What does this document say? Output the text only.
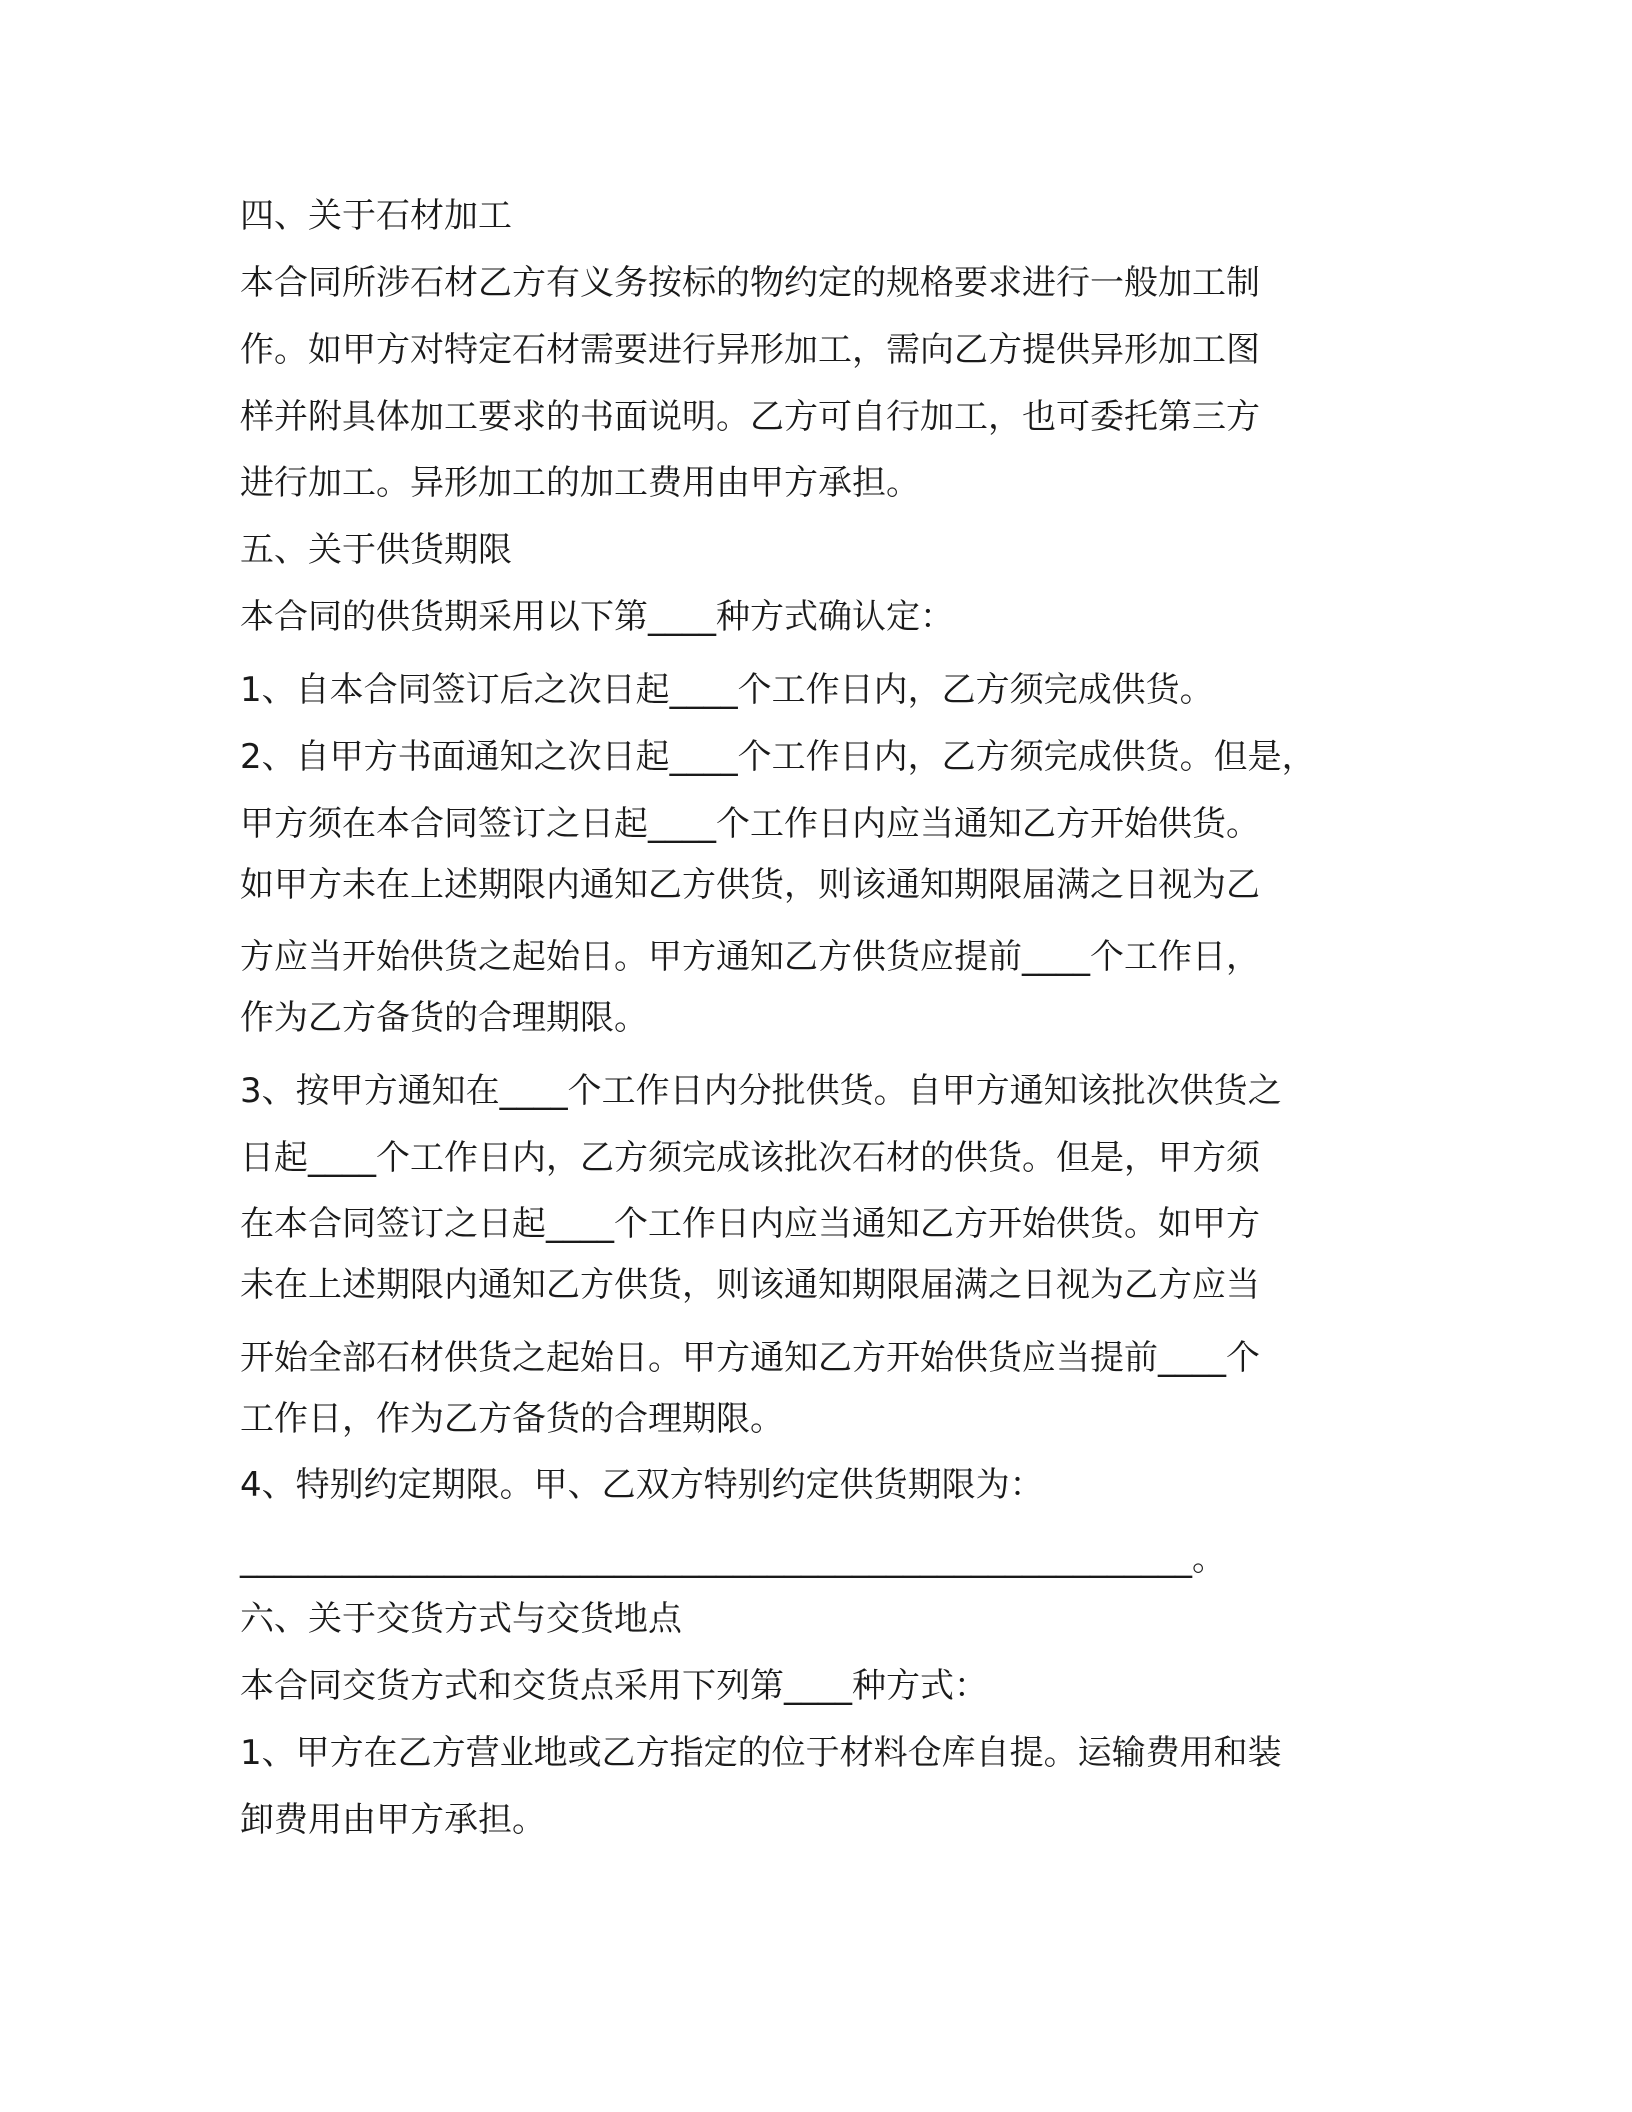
四、关于石材加工

本合同所涉石材乙方有义务按标的物约定的规格要求进行一般加工制

作。如甲方对特定石材需要进行异形加工，需向乙方提供异形加工图

样并附具体加工要求的书面说明。乙方可自行加工，也可委托第三方

进行加工。异形加工的加工费用由甲方承担。

五、关于供货期限

本合同的供货期采用以下第____种方式确认定：

1、自本合同签订后之次日起____个工作日内，乙方须完成供货。

2、自甲方书面通知之次日起____个工作日内，乙方须完成供货。但是，

甲方须在本合同签订之日起____个工作日内应当通知乙方开始供货。

如甲方未在上述期限内通知乙方供货，则该通知期限届满之日视为乙

方应当开始供货之起始日。甲方通知乙方供货应提前____个工作日，

作为乙方备货的合理期限。

3、按甲方通知在____个工作日内分批供货。自甲方通知该批次供货之

日起____个工作日内，乙方须完成该批次石材的供货。但是，甲方须

在本合同签订之日起____个工作日内应当通知乙方开始供货。如甲方

未在上述期限内通知乙方供货，则该通知期限届满之日视为乙方应当

开始全部石材供货之起始日。甲方通知乙方开始供货应当提前____个

工作日，作为乙方备货的合理期限。

4、特别约定期限。甲、乙双方特别约定供货期限为：

________________________________________________________。

六、关于交货方式与交货地点

本合同交货方式和交货点采用下列第____种方式：

1、甲方在乙方营业地或乙方指定的位于材料仓库自提。运输费用和装

卸费用由甲方承担。
